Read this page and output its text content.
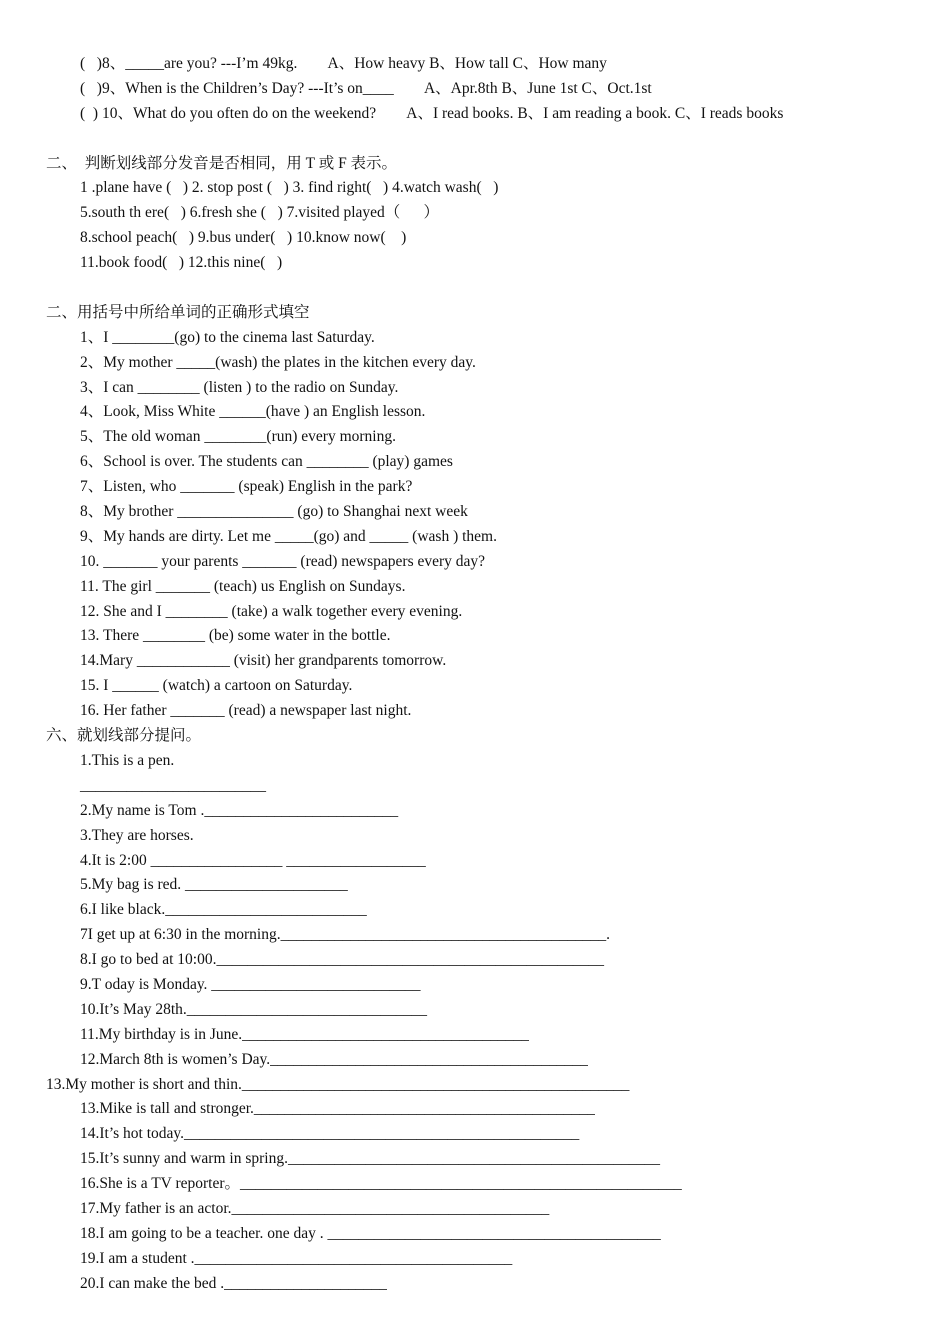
(   )8、_____are you? ---I’m 49kg.        A、How heavy B、How tall C、How many
(   )9、When is the Children’s Day? ---It’s on____        A、Apr.8th B、June 1st C、Oct.1st
(  ) 10、What do you often do on the weekend?        A、I read books. B、I am reading a book. C、I reads books
二、  判断划线部分发音是否相同，用 T 或 F 表示。
1 .plane have (   ) 2. stop post (   ) 3. find right(   ) 4.watch wash(   )
5.south th ere(   ) 6.fresh she (   ) 7.visited played（      ）
8.school peach(   ) 9.bus under(   ) 10.know now(    )
11.book food(   ) 12.this nine(   )
二、用括号中所给单词的正确形式填空
1、I ________(go) to the cinema last Saturday.
2、My mother _____(wash) the plates in the kitchen every day.
3、I can ________ (listen ) to the radio on Sunday.
4、Look, Miss White ______(have ) an English lesson.
5、The old woman ________(run) every morning.
6、School is over. The students can ________ (play) games
7、Listen, who _______ (speak) English in the park?
8、My brother _______________ (go) to Shanghai next week
9、My hands are dirty. Let me _____(go) and _____ (wash ) them.
10. _______ your parents _______ (read) newspapers every day?
11. The girl _______ (teach) us English on Sundays.
12. She and I ________ (take) a walk together every evening.
13. There ________ (be) some water in the bottle.
14.Mary ____________ (visit) her grandparents tomorrow.
15. I ______ (watch) a cartoon on Saturday.
16. Her father _______ (read) a newspaper last night.
六、就划线部分提问。
1.This is a pen.
________________________
2.My name is Tom ._________________________
3.They are horses.
4.It is 2:00 _________________ __________________
5.My bag is red. _____________________
6.I like black.__________________________
7I get up at 6:30 in the morning.__________________________________________.
8.I go to bed at 10:00.__________________________________________________
9.T oday is Monday. ___________________________
10.It’s May 28th._______________________________
11.My birthday is in June._____________________________________
12.March 8th is women’s Day._________________________________________
13.My mother is short and thin.__________________________________________________
13.Mike is tall and stronger.____________________________________________
14.It’s hot today.___________________________________________________
15.It’s sunny and warm in spring.________________________________________________
16.She is a TV reporter。_________________________________________________________
17.My father is an actor._________________________________________
18.I am going to be a teacher. one day . ___________________________________________
19.I am a student ._________________________________________
20.I can make the bed ._____________________
